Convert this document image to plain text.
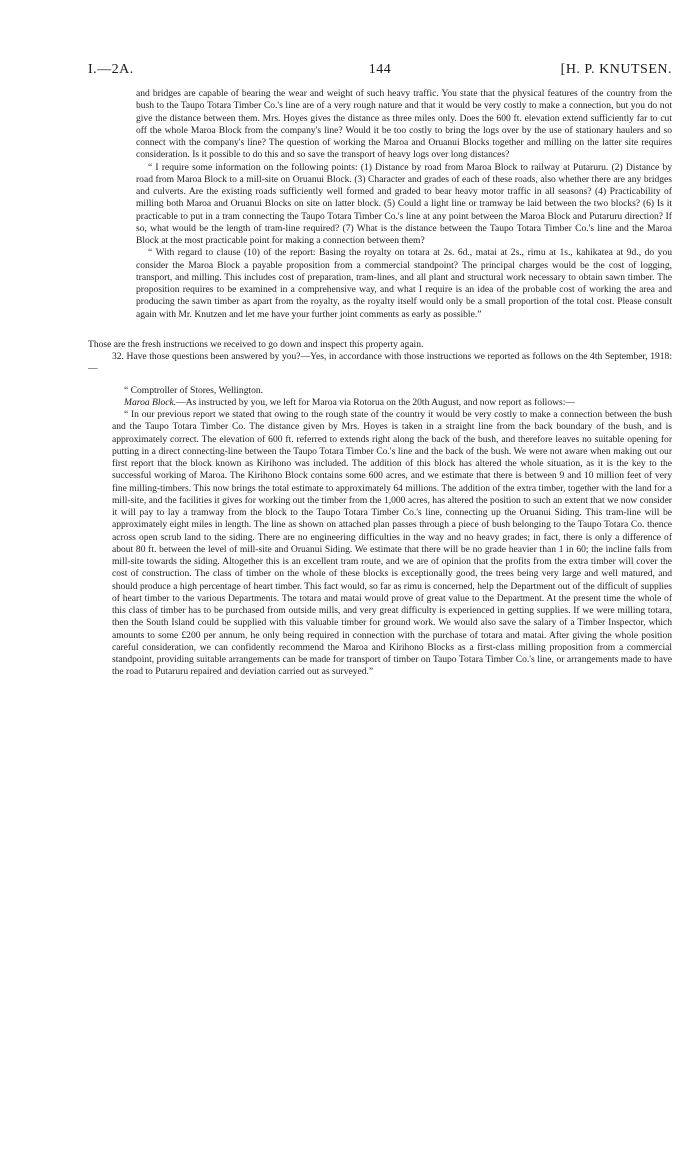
I.—2A.	144	[H. P. KNUTSEN.

and bridges are capable of bearing the wear and weight of such heavy traffic. You state that the physical features of the country from the bush to the Taupo Totara Timber Co.'s line are of a very rough nature and that it would be very costly to make a connection, but you do not give the distance between them. Mrs. Hoyes gives the distance as three miles only. Does the 600 ft. elevation extend sufficiently far to cut off the whole Maroa Block from the company's line? Would it be too costly to bring the logs over by the use of stationary haulers and so connect with the company's line? The question of working the Maroa and Oruanui Blocks together and milling on the latter site requires consideration. Is it possible to do this and so save the transport of heavy logs over long distances?

“ I require some information on the following points: (1) Distance by road from Maroa Block to railway at Putaruru. (2) Distance by road from Maroa Block to a mill-site on Oruanui Block. (3) Character and grades of each of these roads, also whether there are any bridges and culverts. Are the existing roads sufficiently well formed and graded to bear heavy motor traffic in all seasons? (4) Practicability of milling both Maroa and Oruanui Blocks on site on latter block. (5) Could a light line or tramway be laid between the two blocks? (6) Is it practicable to put in a tram connecting the Taupo Totara Timber Co.'s line at any point between the Maroa Block and Putaruru direction? If so, what would be the length of tram-line required? (7) What is the distance between the Taupo Totara Timber Co.'s line and the Maroa Block at the most practicable point for making a connection between them?

“ With regard to clause (10) of the report: Basing the royalty on totara at 2s. 6d., matai at 2s., rimu at 1s., kahikatea at 9d., do you consider the Maroa Block a payable proposition from a commercial standpoint? The principal charges would be the cost of logging, transport, and milling. This includes cost of preparation, tram-lines, and all plant and structural work necessary to obtain sawn timber. The proposition requires to be examined in a comprehensive way, and what I require is an idea of the probable cost of working the area and producing the sawn timber as apart from the royalty, as the royalty itself would only be a small proportion of the total cost. Please consult again with Mr. Knutzen and let me have your further joint comments as early as possible.”

Those are the fresh instructions we received to go down and inspect this property again.

32. Have those questions been answered by you?—Yes, in accordance with those instructions we reported as follows on the 4th September, 1918:—

“ Comptroller of Stores, Wellington.

Maroa Block.—As instructed by you, we left for Maroa via Rotorua on the 20th August, and now report as follows:—

“ In our previous report we stated that owing to the rough state of the country it would be very costly to make a connection between the bush and the Taupo Totara Timber Co. The distance given by Mrs. Hoyes is taken in a straight line from the back boundary of the bush, and is approximately correct. The elevation of 600 ft. referred to extends right along the back of the bush, and therefore leaves no suitable opening for putting in a direct connecting-line between the Taupo Totara Timber Co.'s line and the back of the bush. We were not aware when making out our first report that the block known as Kirihono was included. The addition of this block has altered the whole situation, as it is the key to the successful working of Maroa. The Kirihono Block contains some 600 acres, and we estimate that there is between 9 and 10 million feet of very fine milling-timbers. This now brings the total estimate to approximately 64 millions. The addition of the extra timber, together with the land for a mill-site, and the facilities it gives for working out the timber from the 1,000 acres, has altered the position to such an extent that we now consider it will pay to lay a tramway from the block to the Taupo Totara Timber Co.'s line, connecting up the Oruanui Siding. This tram-line will be approximately eight miles in length. The line as shown on attached plan passes through a piece of bush belonging to the Taupo Totara Co. thence across open scrub land to the siding. There are no engineering difficulties in the way and no heavy grades; in fact, there is only a difference of about 80 ft. between the level of mill-site and Oruanui Siding. We estimate that there will be no grade heavier than 1 in 60; the incline falls from mill-site towards the siding. Altogether this is an excellent tram route, and we are of opinion that the profits from the extra timber will cover the cost of construction. The class of timber on the whole of these blocks is exceptionally good, the trees being very large and well matured, and should produce a high percentage of heart timber. This fact would, so far as rimu is concerned, help the Department out of the difficult of supplies of heart timber to the various Departments. The totara and matai would prove of great value to the Department. At the present time the whole of this class of timber has to be purchased from outside mills, and very great difficulty is experienced in getting supplies. If we were milling totara, then the South Island could be supplied with this valuable timber for ground work. We would also save the salary of a Timber Inspector, which amounts to some £200 per annum, he only being required in connection with the purchase of totara and matai. After giving the whole position careful consideration, we can confidently recommend the Maroa and Kirihono Blocks as a first-class milling proposition from a commercial standpoint, providing suitable arrangements can be made for transport of timber on Taupo Totara Timber Co.'s line, or arrangements made to have the road to Putaruru repaired and deviation carried out as surveyed.”
